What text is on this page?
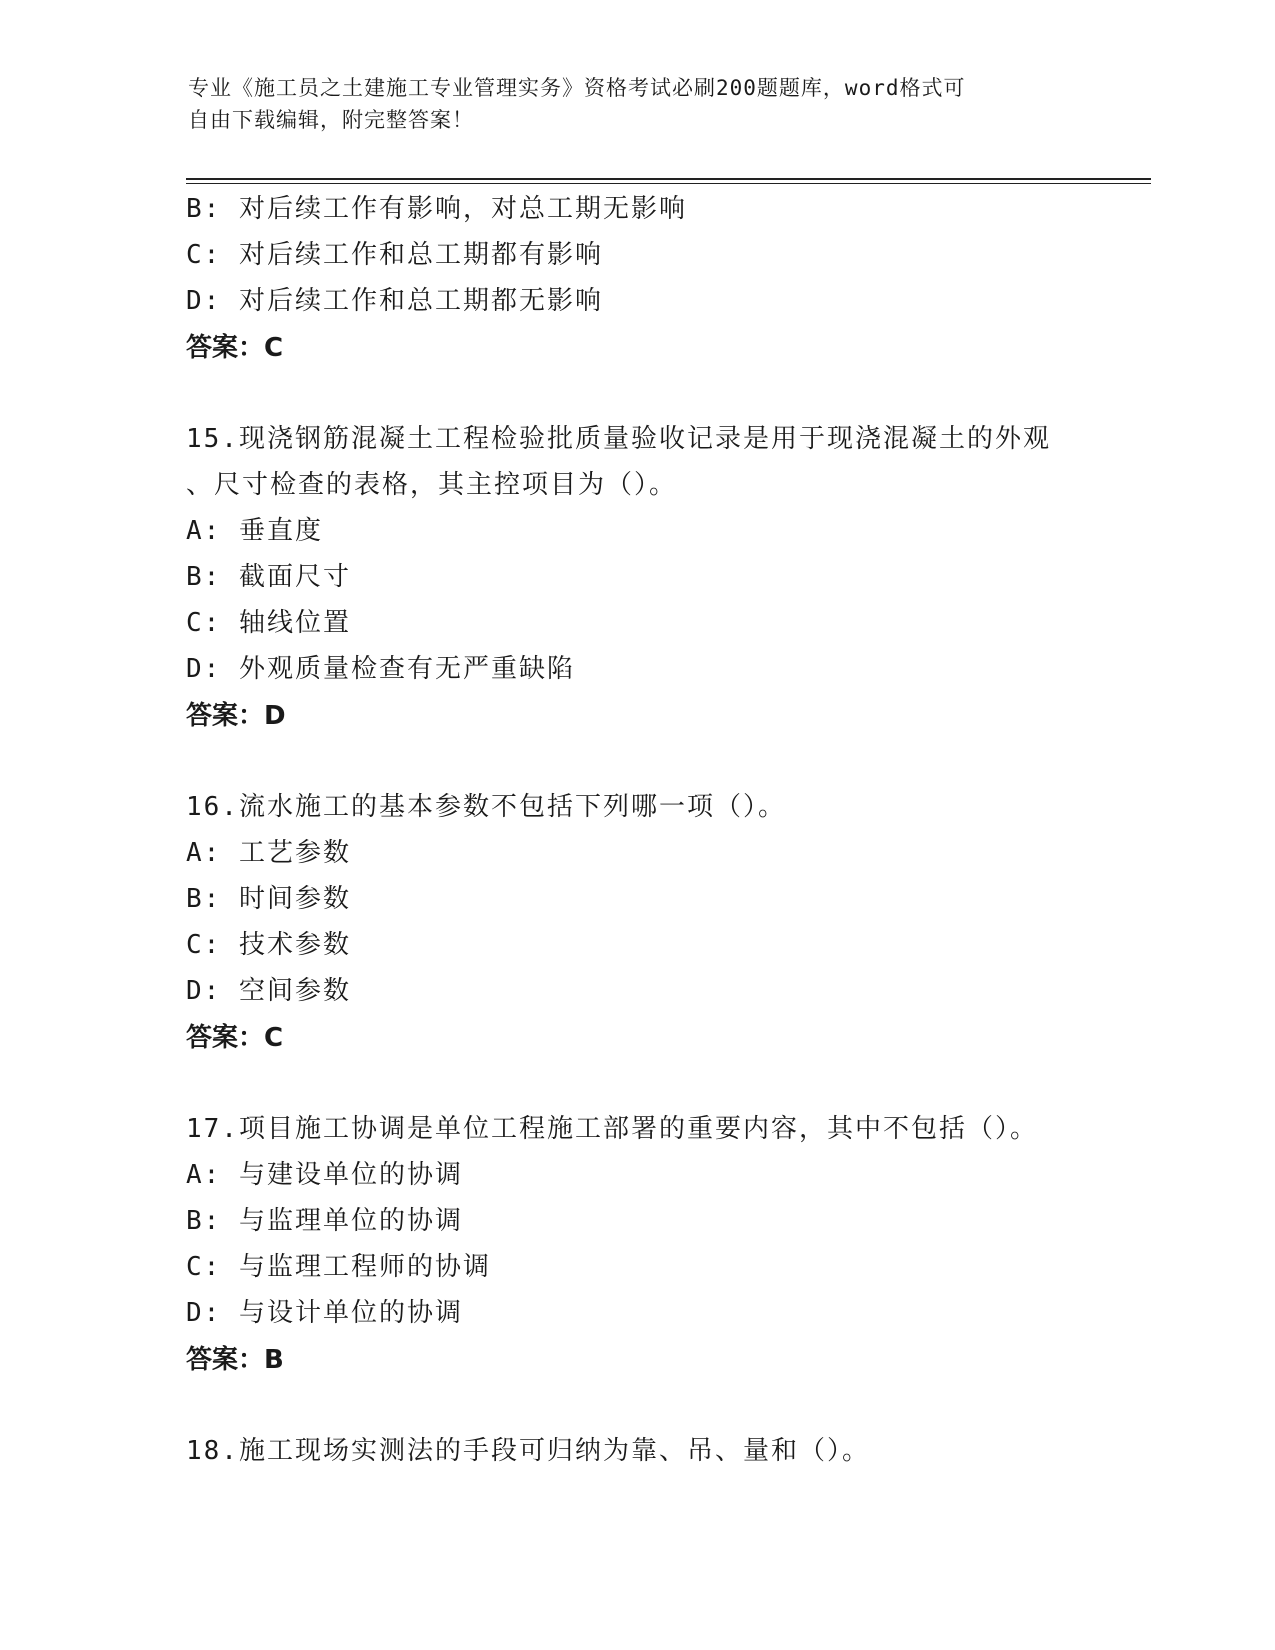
专业《施工员之土建施工专业管理实务》资格考试必刷200题题库，word格式可
自由下载编辑，附完整答案！
B: 对后续工作有影响，对总工期无影响
C: 对后续工作和总工期都有影响
D: 对后续工作和总工期都无影响
答案：C
15.现浇钢筋混凝土工程检验批质量验收记录是用于现浇混凝土的外观
、尺寸检查的表格，其主控项目为（）。
A: 垂直度
B: 截面尺寸
C: 轴线位置
D: 外观质量检查有无严重缺陷
答案：D
16.流水施工的基本参数不包括下列哪一项（）。
A: 工艺参数
B: 时间参数
C: 技术参数
D: 空间参数
答案：C
17.项目施工协调是单位工程施工部署的重要内容，其中不包括（）。
A: 与建设单位的协调
B: 与监理单位的协调
C: 与监理工程师的协调
D: 与设计单位的协调
答案：B
18.施工现场实测法的手段可归纳为靠、吊、量和（）。
